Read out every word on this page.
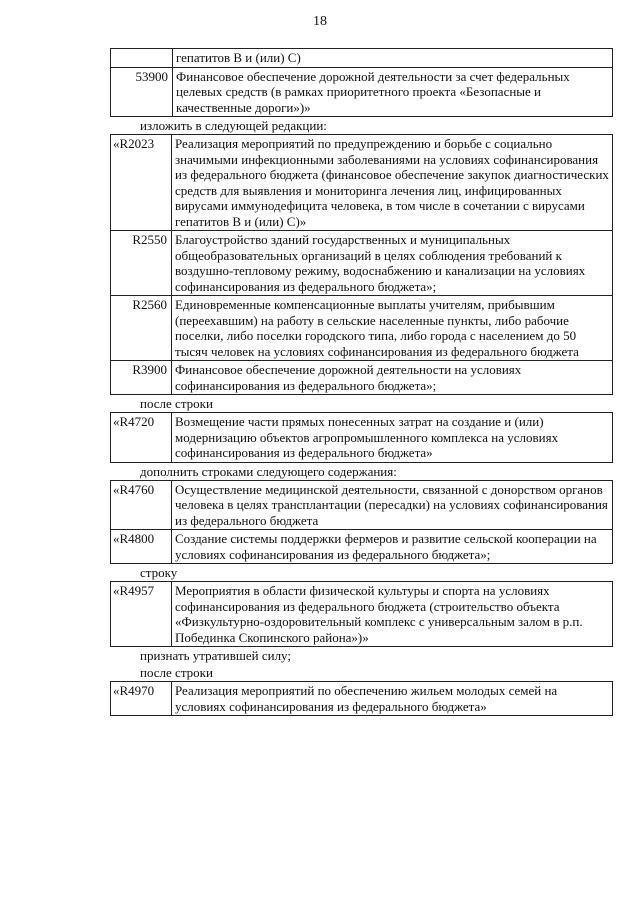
18
	гепатитов В и (или) С)
53900	Финансовое обеспечение дорожной деятельности за счет федеральных целевых средств (в рамках приоритетного проекта «Безопасные и качественные дороги»)»

изложить в следующей редакции:

«R2023	Реализация мероприятий по предупреждению и борьбе с социально значимыми инфекционными заболеваниями на условиях софинансирования из федерального бюджета (финансовое обеспечение закупок диагностических средств для выявления и мониторинга лечения лиц, инфицированных вирусами иммунодефицита человека, в том числе в сочетании с вирусами гепатитов В и (или) С)»
R2550	Благоустройство зданий государственных и муниципальных общеобразовательных организаций в целях соблюдения требований к воздушно-тепловому режиму, водоснабжению и канализации на условиях софинансирования из федерального бюджета»;
R2560	Единовременные компенсационные выплаты учителям, прибывшим (переехавшим) на работу в сельские населенные пункты, либо рабочие поселки, либо поселки городского типа, либо города с населением до 50 тысяч человек на условиях софинансирования из федерального бюджета
R3900	Финансовое обеспечение дорожной деятельности на условиях софинансирования из федерального бюджета»;

после строки

«R4720	Возмещение части прямых понесенных затрат на создание и (или) модернизацию объектов агропромышленного комплекса на условиях софинансирования из федерального бюджета»

дополнить строками следующего содержания:

«R4760	Осуществление медицинской деятельности, связанной с донорством органов человека в целях трансплантации (пересадки) на условиях софинансирования из федерального бюджета
«R4800	Создание системы поддержки фермеров и развитие сельской кооперации на условиях софинансирования из федерального бюджета»;

строку

«R4957	Мероприятия в области физической культуры и спорта на условиях софинансирования из федерального бюджета (строительство объекта «Физкультурно-оздоровительный комплекс с универсальным залом в р.п. Побединка Скопинского района»)»

признать утратившей силу;

после строки

«R4970	Реализация мероприятий по обеспечению жильем молодых семей на условиях софинансирования из федерального бюджета»
